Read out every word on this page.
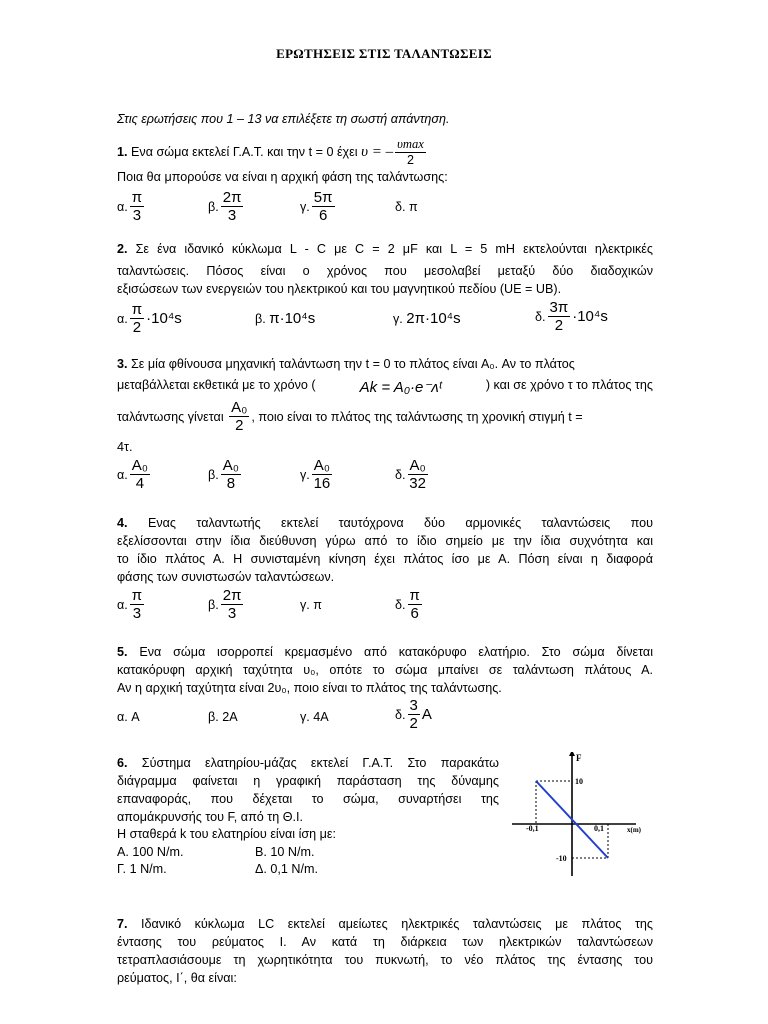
ΕΡΩΤΗΣΕΙΣ ΣΤΙΣ ΤΑΛΑΝΤΩΣΕΙΣ
Στις ερωτήσεις που 1 – 13 να επιλέξετε τη σωστή απάντηση.
1.
Ενα σώμα εκτελεί Γ.Α.Τ. και την t = 0 έχει
υ = – $\frac{\upsilon\max}{2}$
Ποια θα μπορούσε να είναι η αρχική φάση της ταλάντωσης:
α. $\frac{\pi}{3}$	β. $\frac{2\pi}{3}$	γ. $\frac{5\pi}{6}$	δ.
π
2. Σε ένα ιδανικό κύκλωμα L - C με C = 2 μF και L = 5 mH εκτελούνται ηλεκτρικές
ταλαντώσεις. Πόσος είναι ο χρόνος που μεσολαβεί μεταξύ δύο διαδοχικών
εξισώσεων των ενεργειών του ηλεκτρικού και του μαγνητικού πεδίου (UE = UB).
α. $\frac{\pi}{2} \cdot 10^4s$	β.
π·10⁴s	γ.
2π·10⁴s	δ. $\frac{3\pi}{2} \cdot 10^4s$
3. Σε μία φθίνουσα μηχανική ταλάντωση την t = 0 το πλάτος είναι A₀. Αν το πλάτος
μεταβάλλεται εκθετικά με το χρόνο (	Ak = A₀·e⁻ᴧᵗ	) και σε χρόνο τ το πλάτος της
ταλάντωσης γίνεται
$\frac{\text{A₀}}{2}$ , ποιο είναι το πλάτος της ταλάντωσης τη χρονική στιγμή t =
4τ.
α. $\frac{\text{A₀}}{4}$	β. $\frac{\text{A₀}}{8}$	γ. $\frac{\text{A₀}}{16}$	δ. $\frac{\text{A₀}}{32}$
4. Ενας ταλαντωτής εκτελεί ταυτόχρονα δύο αρμονικές ταλαντώσεις που
εξελίσσονται στην ίδια διεύθυνση γύρω από το ίδιο σημείο με την ίδια συχνότητα και
το ίδιο πλάτος Α. Η συνισταμένη κίνηση έχει πλάτος ίσο με Α. Πόση είναι η διαφορά
φάσης των συνιστωσών ταλαντώσεων.
α. $\frac{\pi}{3}$	β. $\frac{2\pi}{3}$	γ.
π	δ. $\frac{\pi}{6}$
5. Ενα σώμα ισορροπεί κρεμασμένο από κατακόρυφο ελατήριο. Στο σώμα δίνεται
κατακόρυφη αρχική ταχύτητα υ₀, οπότε το σώμα μπαίνει σε ταλάντωση πλάτους Α.
Αν η αρχική ταχύτητα είναι 2υ₀, ποιο είναι το πλάτος της ταλάντωσης.
α.
Α	β.
2Α	γ.
4Α	δ. $\frac{3}{2}$ A
6. Σύστημα ελατηρίου-μάζας εκτελεί Γ.Α.Τ. Στο παρακάτω
διάγραμμα φαίνεται η γραφική παράσταση της δύναμης
επαναφοράς, που δέχεται το σώμα, συναρτήσει της
απομάκρυνσής του F, από τη Θ.Ι.
Η σταθερά k του ελατηρίου είναι ίση με:
Α.
100 N/m.	Β.
10 N/m.
Γ.
1 N/m.	Δ.
0,1 N/m.
F
10
-10
-0,1	0,1	x(m)
7. Ιδανικό κύκλωμα LC εκτελεί αμείωτες ηλεκτρικές ταλαντώσεις με πλάτος της
έντασης του ρεύματος Ι. Αν κατά τη διάρκεια των ηλεκτρικών ταλαντώσεων
τετραπλασιάσουμε τη χωρητικότητα του πυκνωτή, το νέο πλάτος της έντασης του
ρεύματος, Ι΄, θα είναι:
